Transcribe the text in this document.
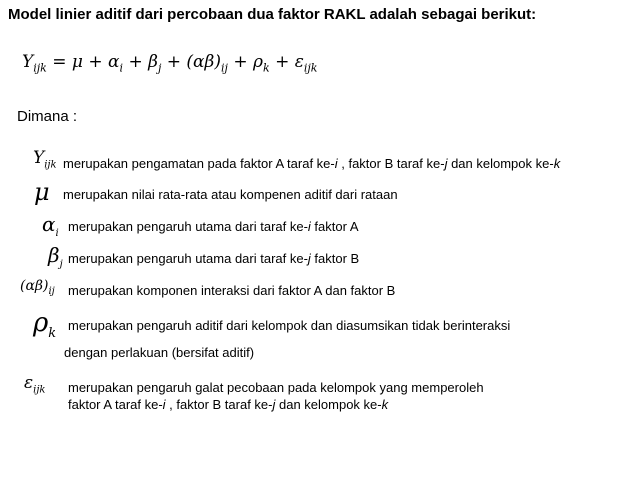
Model linier aditif dari percobaan dua faktor RAKL adalah sebagai berikut:
$Y_{ijk} = \mu + \alpha_i + \beta_j + (\alpha\beta)_{ij} + \rho_k + \varepsilon_{ijk}$
Dimana :
$Y_{ijk}$ merupakan pengamatan pada faktor A taraf ke-i , faktor B taraf ke-j dan kelompok ke-k
μ merupakan nilai rata-rata atau kompenen aditif dari rataan
$\alpha_i$ merupakan pengaruh utama dari taraf ke-i faktor A
$\beta_j$ merupakan pengaruh utama dari taraf ke-j faktor B
$(\alpha\beta)_{ij}$ merupakan komponen interaksi dari faktor A dan faktor B
$\rho_k$
merupakan pengaruh aditif dari kelompok dan diasumsikan tidak berinteraksi
dengan perlakuan (bersifat aditif)
$\varepsilon_{ijk}$ merupakan pengaruh galat pecobaan pada kelompok yang memperoleh
faktor A taraf ke-i , faktor B taraf ke-j dan kelompok ke-k
